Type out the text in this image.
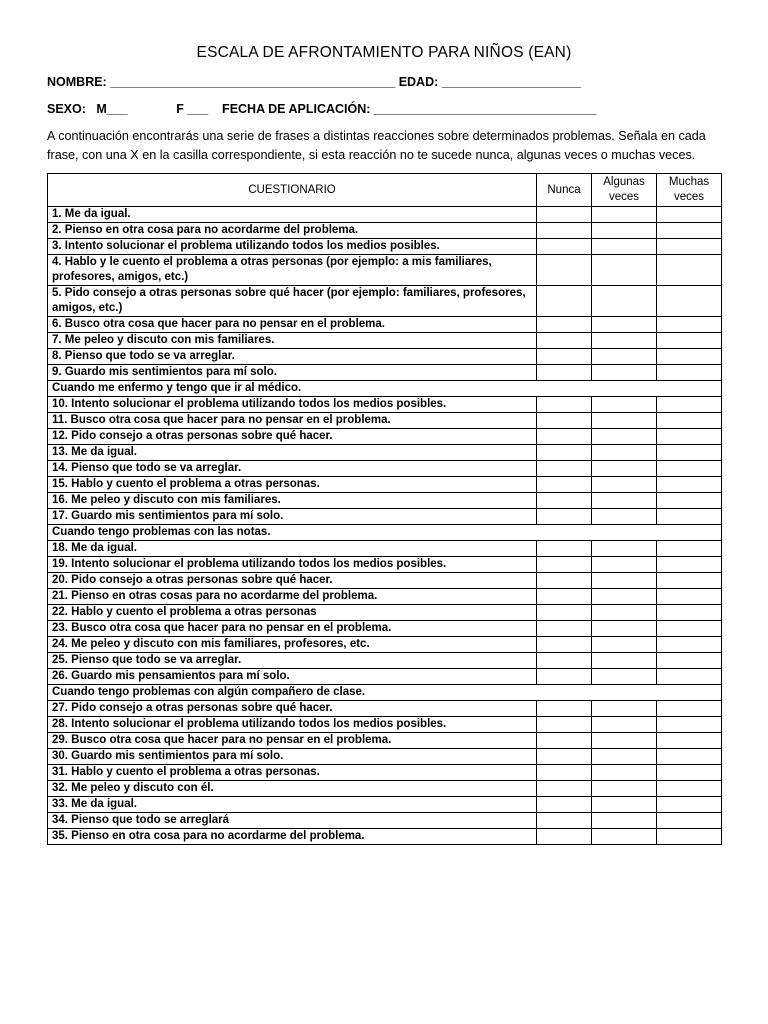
ESCALA DE AFRONTAMIENTO PARA NIÑOS (EAN)
NOMBRE: _________________________________________ EDAD: ____________________
SEXO:   M___              F ___    FECHA DE APLICACIÓN: ________________________________
A continuación encontrarás una serie de frases a distintas reacciones sobre determinados problemas. Señala en cada frase, con una X en la casilla correspondiente, si esta reacción no te sucede nunca, algunas veces o muchas veces.
CUESTIONARIO	Nunca	Algunas veces	Muchas veces
1. Me da igual.			
2. Pienso en otra cosa para no acordarme del problema.			
3. Intento solucionar el problema utilizando todos los medios posibles.			
4. Hablo y le cuento el problema a otras personas (por ejemplo: a mis familiares, profesores, amigos, etc.)			
5. Pido consejo a otras personas sobre qué hacer (por ejemplo: familiares, profesores, amigos, etc.)			
6. Busco otra cosa que hacer para no pensar en el problema.			
7. Me peleo y discuto con mis familiares.			
8. Pienso que todo se va arreglar.			
9. Guardo mis sentimientos para mí solo.			
Cuando me enfermo y tengo que ir al médico.			
10. Intento solucionar el problema utilizando todos los medios posibles.			
11. Busco otra cosa que hacer para no pensar en el problema.			
12. Pido consejo a otras personas sobre qué hacer.			
13. Me da igual.			
14. Pienso que todo se va arreglar.			
15. Hablo y cuento el problema a otras personas.			
16. Me peleo y discuto con mis familiares.			
17. Guardo mis sentimientos para mí solo.			
Cuando tengo problemas con las notas.			
18. Me da igual.			
19. Intento solucionar el problema utilizando todos los medios posibles.			
20. Pido consejo a otras personas sobre qué hacer.			
21. Pienso en otras cosas para no acordarme del problema.			
22. Hablo y cuento el problema a otras personas			
23. Busco otra cosa que hacer para no pensar en el problema.			
24. Me peleo y discuto con mis familiares, profesores, etc.			
25. Pienso que todo se va arreglar.			
26. Guardo mis pensamientos para mí solo.			
Cuando tengo problemas con algún compañero de clase.			
27. Pido consejo a otras personas sobre qué hacer.			
28. Intento solucionar el problema utilizando todos los medios posibles.			
29. Busco otra cosa que hacer para no pensar en el problema.			
30. Guardo mis sentimientos para mí solo.			
31. Hablo y cuento el problema a otras personas.			
32. Me peleo y discuto con él.			
33. Me da igual.			
34. Pienso que todo se arreglará			
35. Pienso en otra cosa para no acordarme del problema.			
